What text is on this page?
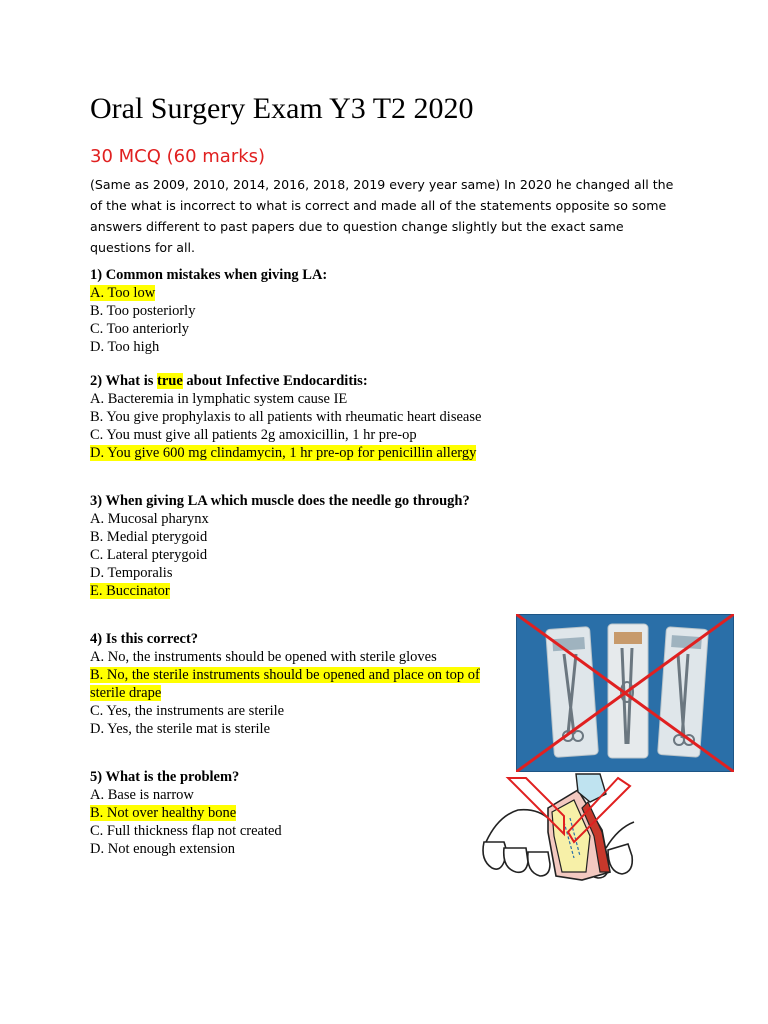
Oral Surgery Exam Y3 T2 2020
30 MCQ (60 marks)

(Same as 2009, 2010, 2014, 2016, 2018, 2019 every year same) In 2020 he changed all the of the what is incorrect to what is correct and made all of the statements opposite so some answers different to past papers due to question change slightly but the exact same questions for all.

1) Common mistakes when giving LA:
A. Too low
B. Too posteriorly
C. Too anteriorly
D. Too high
2) What is true about Infective Endocarditis:
A. Bacteremia in lymphatic system cause IE
B. You give prophylaxis to all patients with rheumatic heart disease
C. You must give all patients 2g amoxicillin, 1 hr pre-op
D. You give 600 mg clindamycin, 1 hr pre-op for penicillin allergy
3) When giving LA which muscle does the needle go through?
A. Mucosal pharynx
B. Medial pterygoid
C. Lateral pterygoid
D. Temporalis
E. Buccinator
4) Is this correct?
A. No, the instruments should be opened with sterile gloves
B. No, the sterile instruments should be opened and place on top of sterile drape
C. Yes, the instruments are sterile
D. Yes, the sterile mat is sterile
5) What is the problem?
A. Base is narrow
B. Not over healthy bone
C. Full thickness flap not created
D. Not enough extension
